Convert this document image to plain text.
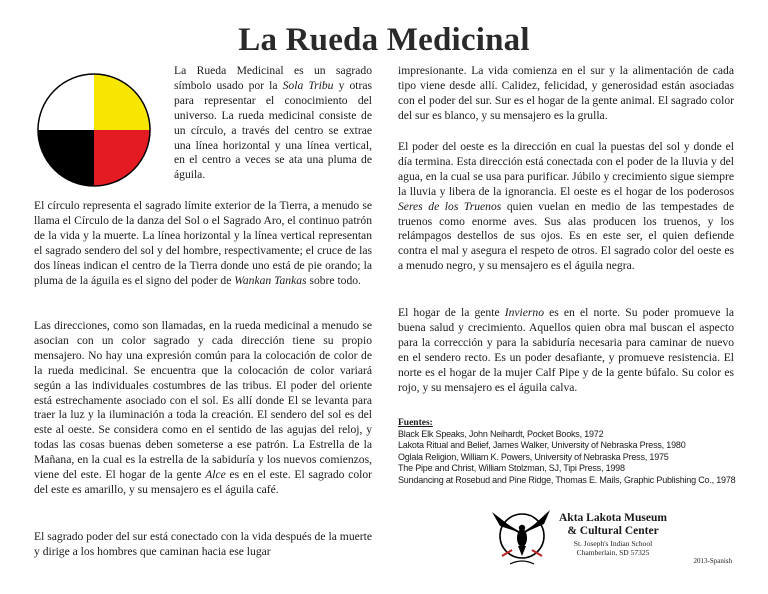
La Rueda Medicinal

La Rueda Medicinal es un sagrado símbolo usado por la Sola Tribu y otras para representar el conocimiento del universo. La rueda medicinal consiste de un círculo, a través del centro se extrae una línea horizontal y una línea vertical, en el centro a veces se ata una pluma de águila.

El círculo representa el sagrado límite exterior de la Tierra, a menudo se llama el Círculo de la danza del Sol o el Sagrado Aro, el continuo patrón de la vida y la muerte. La línea horizontal y la línea vertical representan el sagrado sendero del sol y del hombre, respectivamente; el cruce de las dos líneas indican el centro de la Tierra donde uno está de pie orando; la pluma de la águila es el signo del poder de Wankan Tankas sobre todo.

Las direcciones, como son llamadas, en la rueda medicinal a menudo se asocian con un color sagrado y cada dirección tiene su propio mensajero. No hay una expresión común para la colocación de color de la rueda medicinal. Se encuentra que la colocación de color variará según a las individuales costumbres de las tribus. El poder del oriente está estrechamente asociado con el sol. Es allí donde El se levanta para traer la luz y la iluminación a toda la creación. El sendero del sol es del este al oeste. Se considera como en el sentido de las agujas del reloj, y todas las cosas buenas deben someterse a ese patrón. La Estrella de la Mañana, en la cual es la estrella de la sabiduría y los nuevos comienzos, viene del este. El hogar de la gente Alce es en el este. El sagrado color del este es amarillo, y su mensajero es el águila café.

El sagrado poder del sur está conectado con la vida después de la muerte y dirige a los hombres que caminan hacia ese lugar

impresionante. La vida comienza en el sur y la alimentación de cada tipo viene desde allí. Calidez, felicidad, y generosidad están asociadas con el poder del sur. Sur es el hogar de la gente animal. El sagrado color del sur es blanco, y su mensajero es la grulla.

El poder del oeste es la dirección en cual la puestas del sol y donde el día termina. Esta dirección está conectada con el poder de la lluvia y del agua, en la cual se usa para purificar. Júbilo y crecimiento sigue siempre la lluvia y libera de la ignorancia. El oeste es el hogar de los poderosos Seres de los Truenos quien vuelan en medio de las tempestades de truenos como enorme aves. Sus alas producen los truenos, y los relámpagos destellos de sus ojos. Es en este ser, el quien defiende contra el mal y asegura el respeto de otros. El sagrado color del oeste es a menudo negro, y su mensajero es el águila negra.

El hogar de la gente Invierno es en el norte. Su poder promueve la buena salud y crecimiento. Aquellos quien obra mal buscan el aspecto para la corrección y para la sabiduría necesaria para caminar de nuevo en el sendero recto. Es un poder desafiante, y promueve resistencia. El norte es el hogar de la mujer Calf Pipe y de la gente búfalo. Su color es rojo, y su mensajero es el águila calva.

Fuentes:

Black Elk Speaks, John Neihardt, Pocket Books, 1972

Lakota Ritual and Belief, James Walker, University of Nebraska Press, 1980

Oglala Religion, William K. Powers, University of Nebraska Press, 1975

The Pipe and Christ, William Stolzman, SJ, Tipi Press, 1998

Sundancing at Rosebud and Pine Ridge, Thomas E. Mails, Graphic Publishing Co., 1978

Akta Lakota Museum

& Cultural Center

St. Joseph's Indian School

Chamberlain, SD 57325

2013-Spanish
